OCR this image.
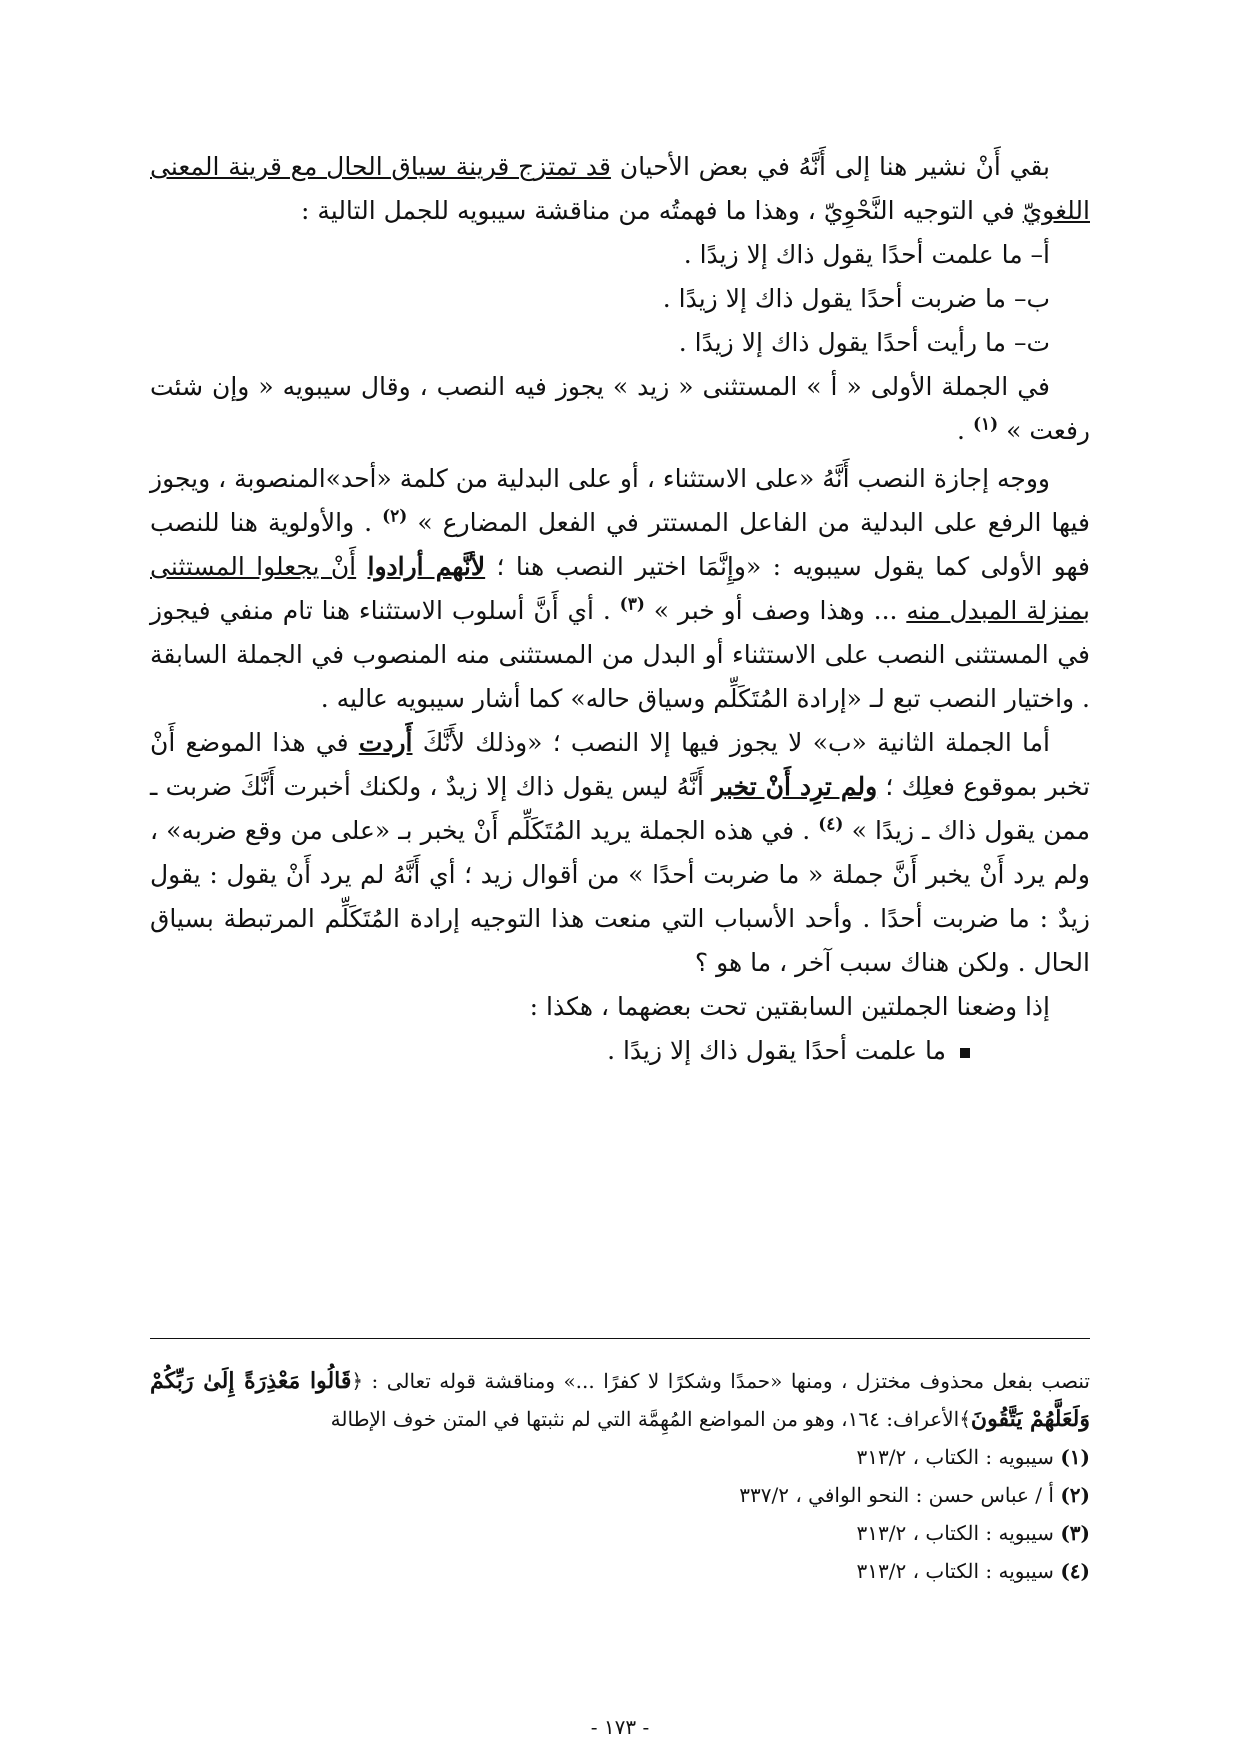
بقي أَنْ نشير هنا إلى أَنَّهُ في بعض الأحيان قد تمتزج قرينة سياق الحال مع قرينة المعنى اللغويّ في التوجيه النَّحْوِيّ ، وهذا ما فهمتُه من مناقشة سيبويه للجمل التالية :

أ– ما علمت أحدًا يقول ذاك إلا زيدًا .

ب– ما ضربت أحدًا يقول ذاك إلا زيدًا .

ت– ما رأيت أحدًا يقول ذاك إلا زيدًا .

في الجملة الأولى « أ » المستثنى « زيد » يجوز فيه النصب ، وقال سيبويه « وإن شئت رفعت » $^{(١)}$ .

ووجه إجازة النصب أَنَّهُ «على الاستثناء ، أو على البدلية من كلمة «أحد»المنصوبة ، ويجوز فيها الرفع على البدلية من الفاعل المستتر في الفعل المضارع » $^{(٢)}$ . والأولوية هنا للنصب فهو الأولى كما يقول سيبويه : «وإِنَّمَا اختير النصب هنا ؛ لأنَّهم أرادوا أَنْ يجعلوا المستثنى بمنزلة المبدل منه ... وهذا وصف أو خبر » $^{(٣)}$ . أي أَنَّ أسلوب الاستثناء هنا تام منفي فيجوز في المستثنى النصب على الاستثناء أو البدل من المستثنى منه المنصوب في الجملة السابقة . واختيار النصب تبع لـ «إرادة المُتَكَلِّم وسياق حاله» كما أشار سيبويه عاليه .

أما الجملة الثانية «ب» لا يجوز فيها إلا النصب ؛ «وذلك لأَنَّكَ أَردت في هذا الموضع أَنْ تخبر بموقوع فعلِك ؛ ولم ترِد أَنْ تخبر أَنَّهُ ليس يقول ذاك إلا زيدٌ ، ولكنك أخبرت أَنَّكَ ضربت ـ ممن يقول ذاك ـ زيدًا » $^{(٤)}$ . في هذه الجملة يريد المُتَكَلِّم أَنْ يخبر بـ «على من وقع ضربه» ، ولم يرد أَنْ يخبر أَنَّ جملة « ما ضربت أحدًا » من أقوال زيد ؛ أي أَنَّهُ لم يرد أَنْ يقول : يقول زيدٌ : ما ضربت أحدًا . وأحد الأسباب التي منعت هذا التوجيه إرادة المُتَكَلِّم المرتبطة بسياق الحال . ولكن هناك سبب آخر ، ما هو ؟

إذا وضعنا الجملتين السابقتين تحت بعضهما ، هكذا :

ما علمت أحدًا يقول ذاك إلا زيدًا .

تنصب بفعل محذوف مختزل ، ومنها «حمدًا وشكرًا لا كفرًا ...» ومناقشة قوله تعالى : ﴿قَالُوا مَعْذِرَةً إِلَىٰ رَبِّكُمْ وَلَعَلَّهُمْ يَتَّقُونَ﴾الأعراف: ١٦٤، وهو من المواضع المُهِمَّة التي لم نثبتها في المتن خوف الإطالة

(١) سيبويه : الكتاب ، ٣١٣/٢

(٢) أ / عباس حسن : النحو الوافي ، ٣٣٧/٢

(٣) سيبويه : الكتاب ، ٣١٣/٢

(٤) سيبويه : الكتاب ، ٣١٣/٢

- ١٧٣ -
